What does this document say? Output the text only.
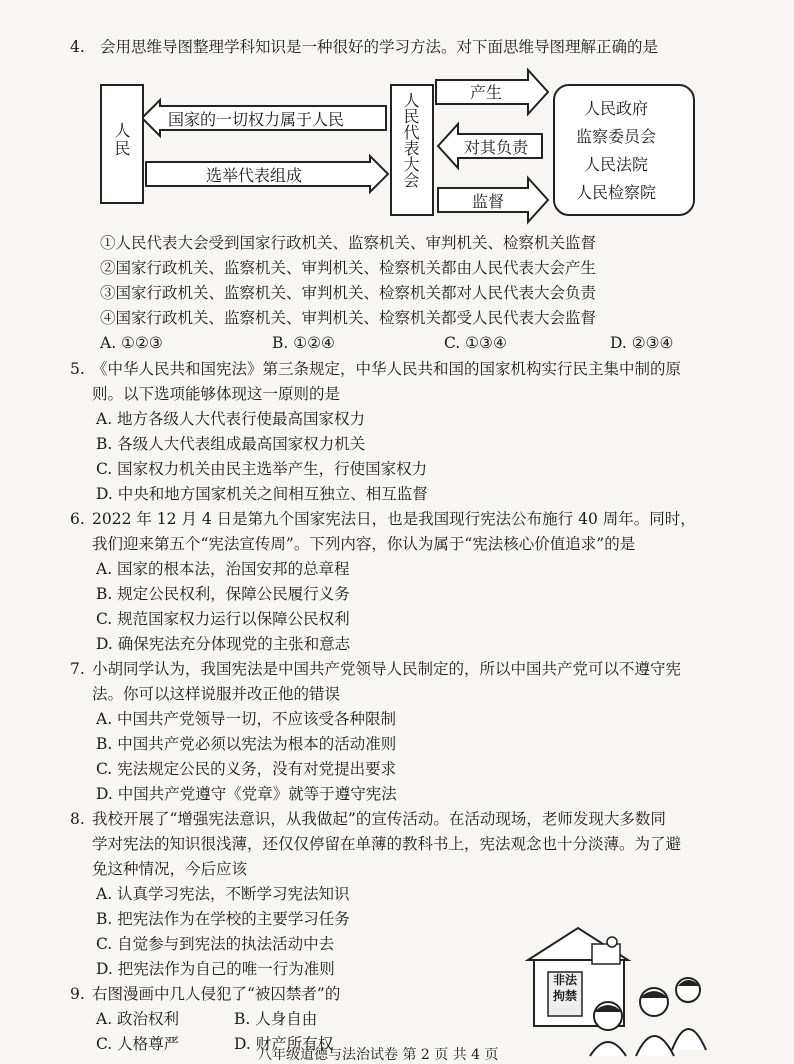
4. 会用思维导图整理学科知识是一种很好的学习方法。对下面思维导图理解正确的是
人民
国家的一切权力属于人民
选举代表组成	人民代表大会	产生
对其负责
监督
人民政府
监察委员会
人民法院
人民检察院
①人民代表大会受到国家行政机关、监察机关、审判机关、检察机关监督
②国家行政机关、监察机关、审判机关、检察机关都由人民代表大会产生
③国家行政机关、监察机关、审判机关、检察机关都对人民代表大会负责
④国家行政机关、监察机关、审判机关、检察机关都受人民代表大会监督
A. ①②③	B. ①②④	C. ①③④	D. ②③④
5. 《中华人民共和国宪法》第三条规定，中华人民共和国的国家机构实行民主集中制的原
则。以下选项能够体现这一原则的是
A. 地方各级人大代表行使最高国家权力
B. 各级人大代表组成最高国家权力机关
C. 国家权力机关由民主选举产生，行使国家权力
D. 中央和地方国家机关之间相互独立、相互监督
6. 2022 年 12 月 4 日是第九个国家宪法日，也是我国现行宪法公布施行 40 周年。同时，
我们迎来第五个“宪法宣传周”。下列内容，你认为属于“宪法核心价值追求”的是
A. 国家的根本法，治国安邦的总章程
B. 规定公民权利，保障公民履行义务
C. 规范国家权力运行以保障公民权利
D. 确保宪法充分体现党的主张和意志
7. 小胡同学认为，我国宪法是中国共产党领导人民制定的，所以中国共产党可以不遵守宪
法。你可以这样说服并改正他的错误
A. 中国共产党领导一切，不应该受各种限制
B. 中国共产党必须以宪法为根本的活动准则
C. 宪法规定公民的义务，没有对党提出要求
D. 中国共产党遵守《党章》就等于遵守宪法
8. 我校开展了“增强宪法意识，从我做起”的宣传活动。在活动现场，老师发现大多数同
学对宪法的知识很浅薄，还仅仅停留在单薄的教科书上，宪法观念也十分淡薄。为了避
免这种情况，今后应该
A. 认真学习宪法，不断学习宪法知识
B. 把宪法作为在学校的主要学习任务
C. 自觉参与到宪法的执法活动中去
D. 把宪法作为自己的唯一行为准则
9. 右图漫画中几人侵犯了“被囚禁者”的
A. 政治权利	B. 人身自由
C. 人格尊严	D. 财产所有权
非法
拘禁
八年级道德与法治试卷 第 2 页 共 4 页
